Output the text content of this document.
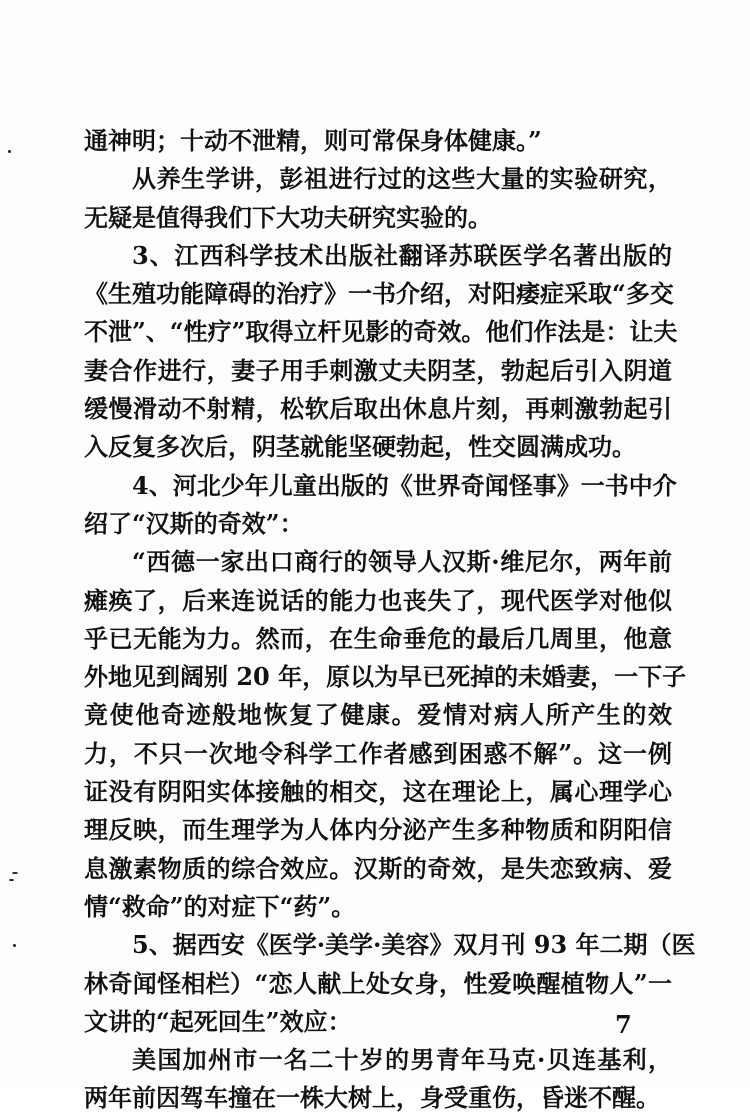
通神明；十动不泄精，则可常保身体健康。”
从养生学讲，彭祖进行过的这些大量的实验研究，
无疑是值得我们下大功夫研究实验的。
3、江西科学技术出版社翻译苏联医学名著出版的
《生殖功能障碍的治疗》一书介绍，对阳痿症采取“多交
不泄”、“性疗”取得立杆见影的奇效。他们作法是：让夫
妻合作进行，妻子用手刺激丈夫阴茎，勃起后引入阴道
缓慢滑动不射精，松软后取出休息片刻，再刺激勃起引
入反复多次后，阴茎就能坚硬勃起，性交圆满成功。
4、河北少年儿童出版的《世界奇闻怪事》一书中介
绍了“汉斯的奇效”：
“西德一家出口商行的领导人汉斯·维尼尔，两年前
瘫痪了，后来连说话的能力也丧失了，现代医学对他似
乎已无能为力。然而，在生命垂危的最后几周里，他意
外地见到阔别 20 年，原以为早已死掉的未婚妻，一下子
竟使他奇迹般地恢复了健康。爱情对病人所产生的效
力，不只一次地令科学工作者感到困惑不解”。这一例
证没有阴阳实体接触的相交，这在理论上，属心理学心
理反映，而生理学为人体内分泌产生多种物质和阴阳信
息激素物质的综合效应。汉斯的奇效，是失恋致病、爱
情“救命”的对症下“药”。
5、据西安《医学·美学·美容》双月刊 93 年二期（医
林奇闻怪相栏）“恋人献上处女身，性爱唤醒植物人”一
文讲的“起死回生”效应：
美国加州市一名二十岁的男青年马克·贝连基利，
两年前因驾车撞在一株大树上，身受重伤，昏迷不醒。
7
